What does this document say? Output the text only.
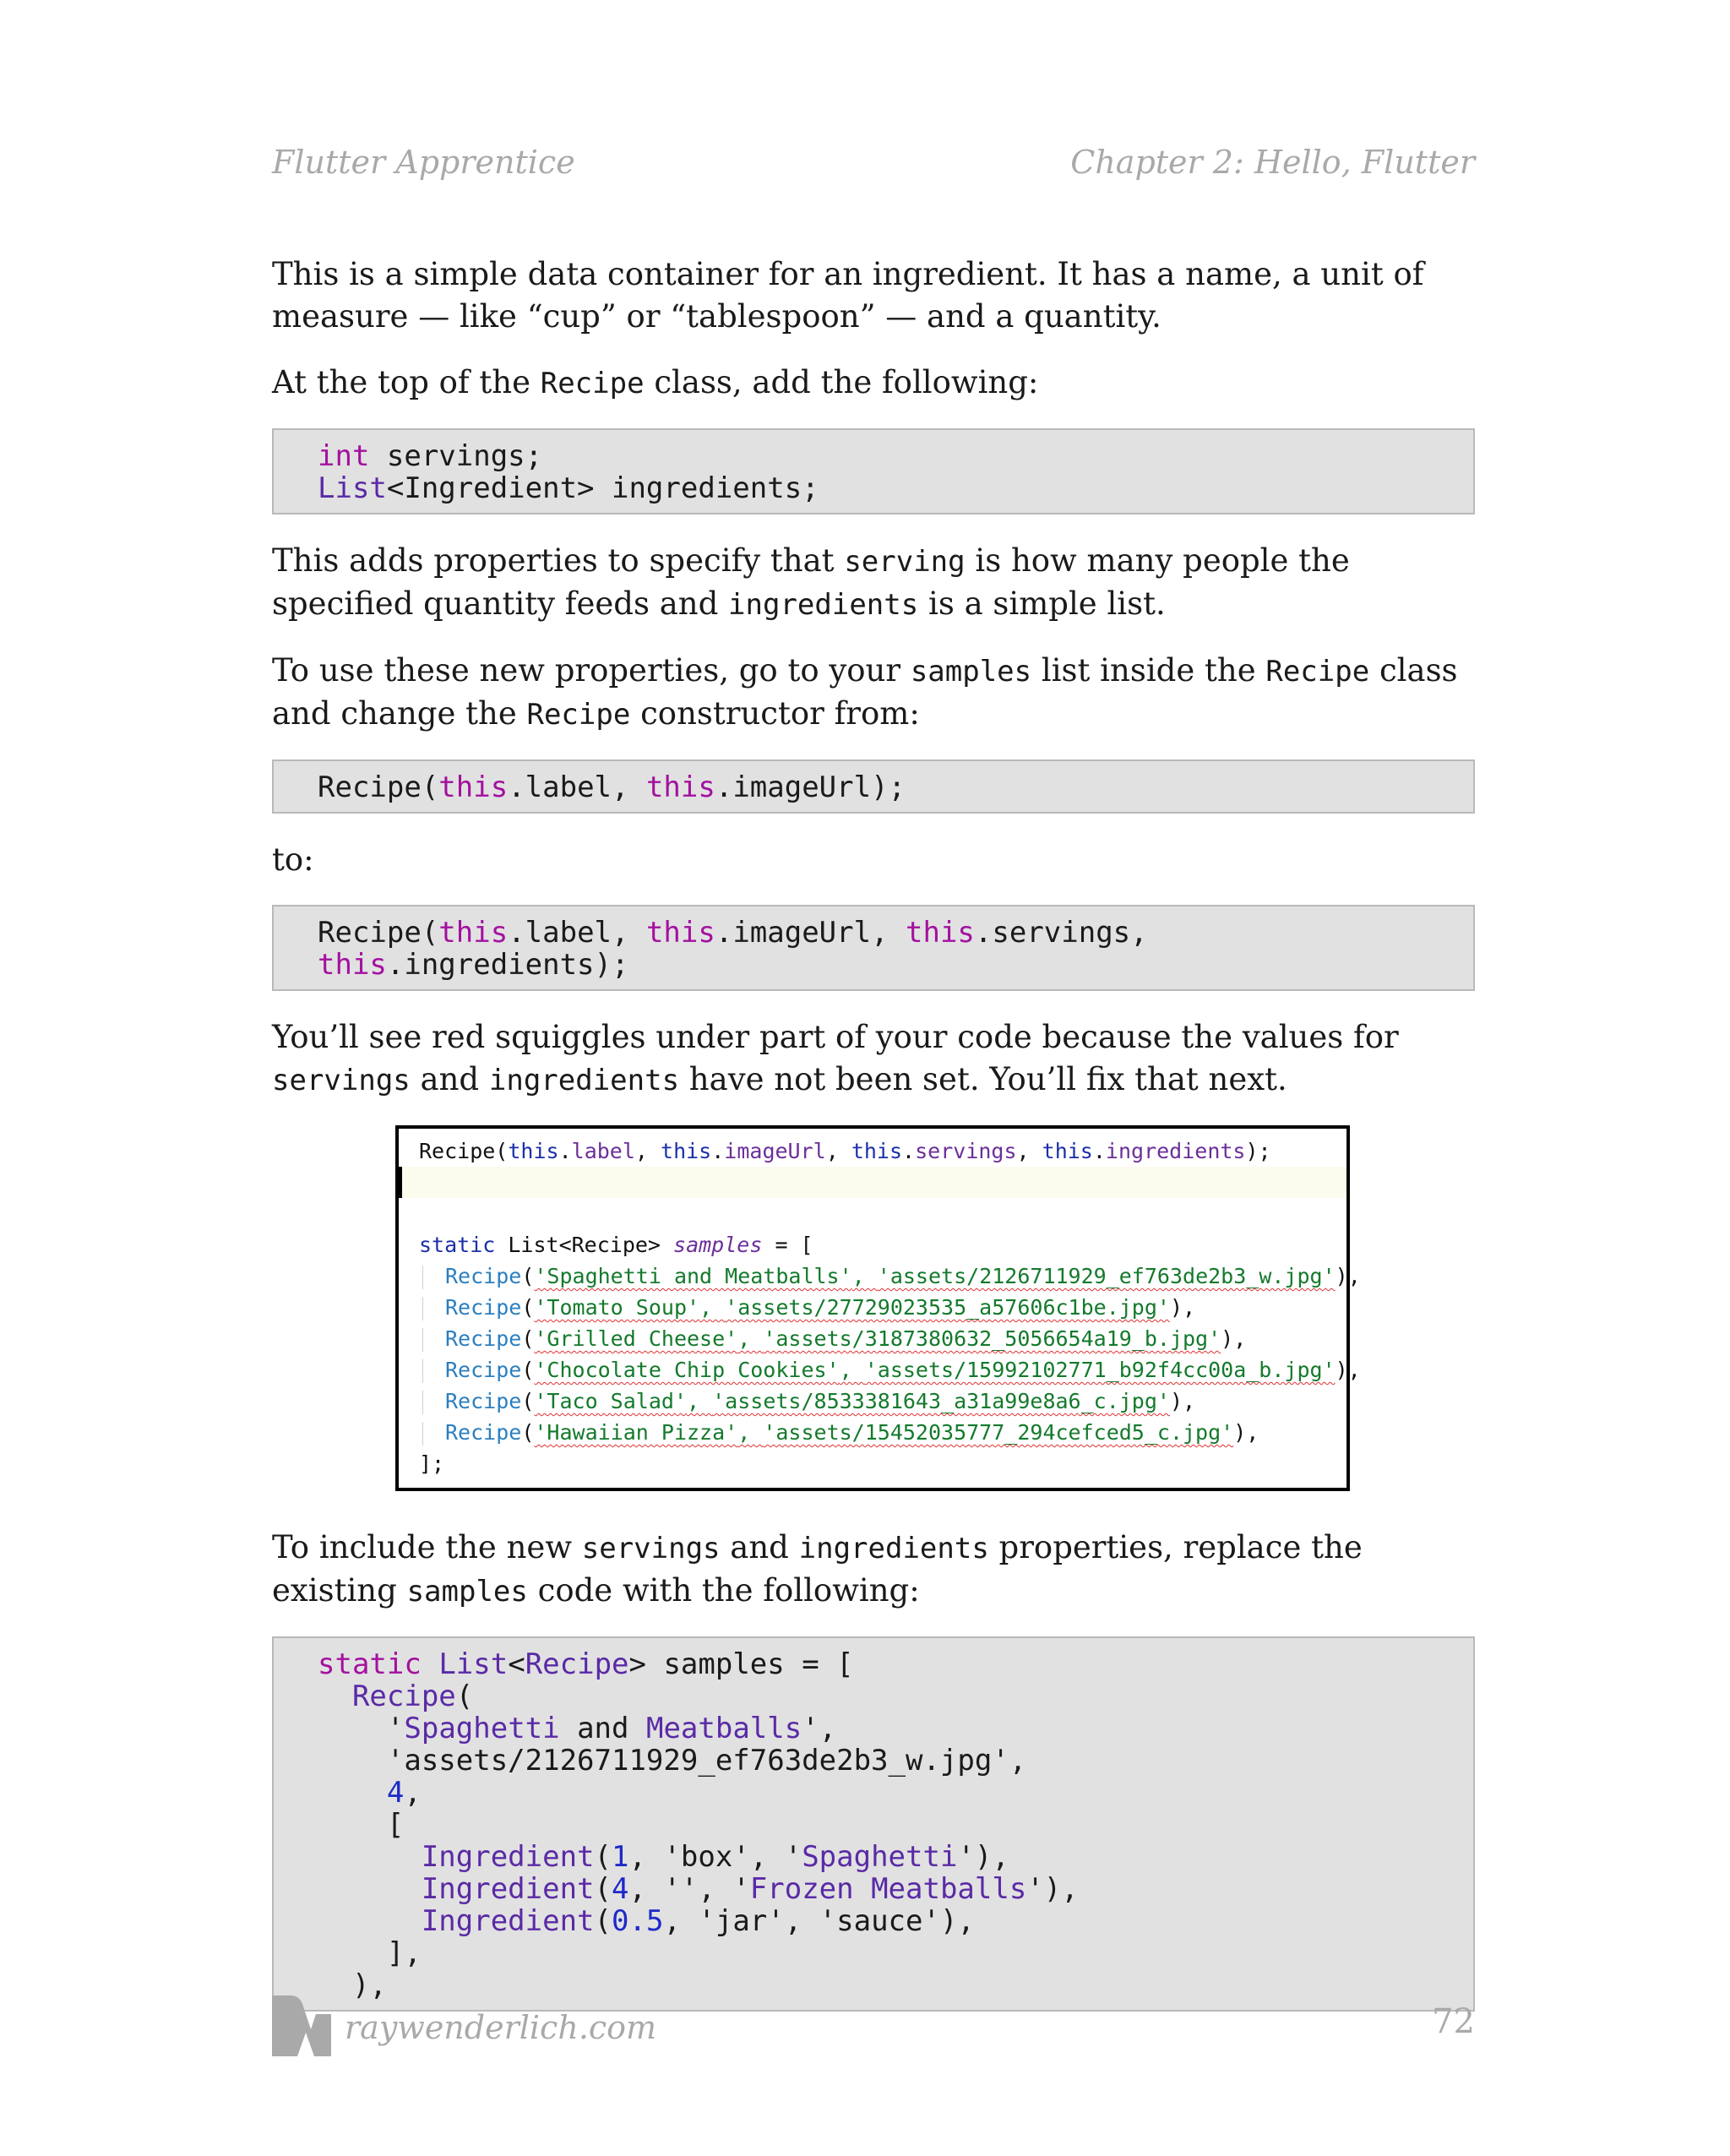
Flutter Apprentice	Chapter 2: Hello, Flutter

This is a simple data container for an ingredient. It has a name, a unit of measure — like “cup” or “tablespoon” — and a quantity.

At the top of the Recipe class, add the following:

int servings;
List<Ingredient> ingredients;

This adds properties to specify that serving is how many people the specified quantity feeds and ingredients is a simple list.

To use these new properties, go to your samples list inside the Recipe class and change the Recipe constructor from:

Recipe(this.label, this.imageUrl);

to:

Recipe(this.label, this.imageUrl, this.servings,
this.ingredients);

You’ll see red squiggles under part of your code because the values for servings and ingredients have not been set. You’ll fix that next.

Recipe(this.label, this.imageUrl, this.servings, this.ingredients);

static List<Recipe> samples = [
Recipe('Spaghetti and Meatballs', 'assets/2126711929_ef763de2b3_w.jpg'),
Recipe('Tomato Soup', 'assets/27729023535_a57606c1be.jpg'),
Recipe('Grilled Cheese', 'assets/3187380632_5056654a19_b.jpg'),
Recipe('Chocolate Chip Cookies', 'assets/15992102771_b92f4cc00a_b.jpg'),
Recipe('Taco Salad', 'assets/8533381643_a31a99e8a6_c.jpg'),
Recipe('Hawaiian Pizza', 'assets/15452035777_294cefced5_c.jpg'),
];

To include the new servings and ingredients properties, replace the existing samples code with the following:

static List<Recipe> samples = [
Recipe(
'Spaghetti and Meatballs',
'assets/2126711929_ef763de2b3_w.jpg',
4,
[
Ingredient(1, 'box', 'Spaghetti'),
Ingredient(4, '', 'Frozen Meatballs'),
Ingredient(0.5, 'jar', 'sauce'),
],
),
raywenderlich.com	72
